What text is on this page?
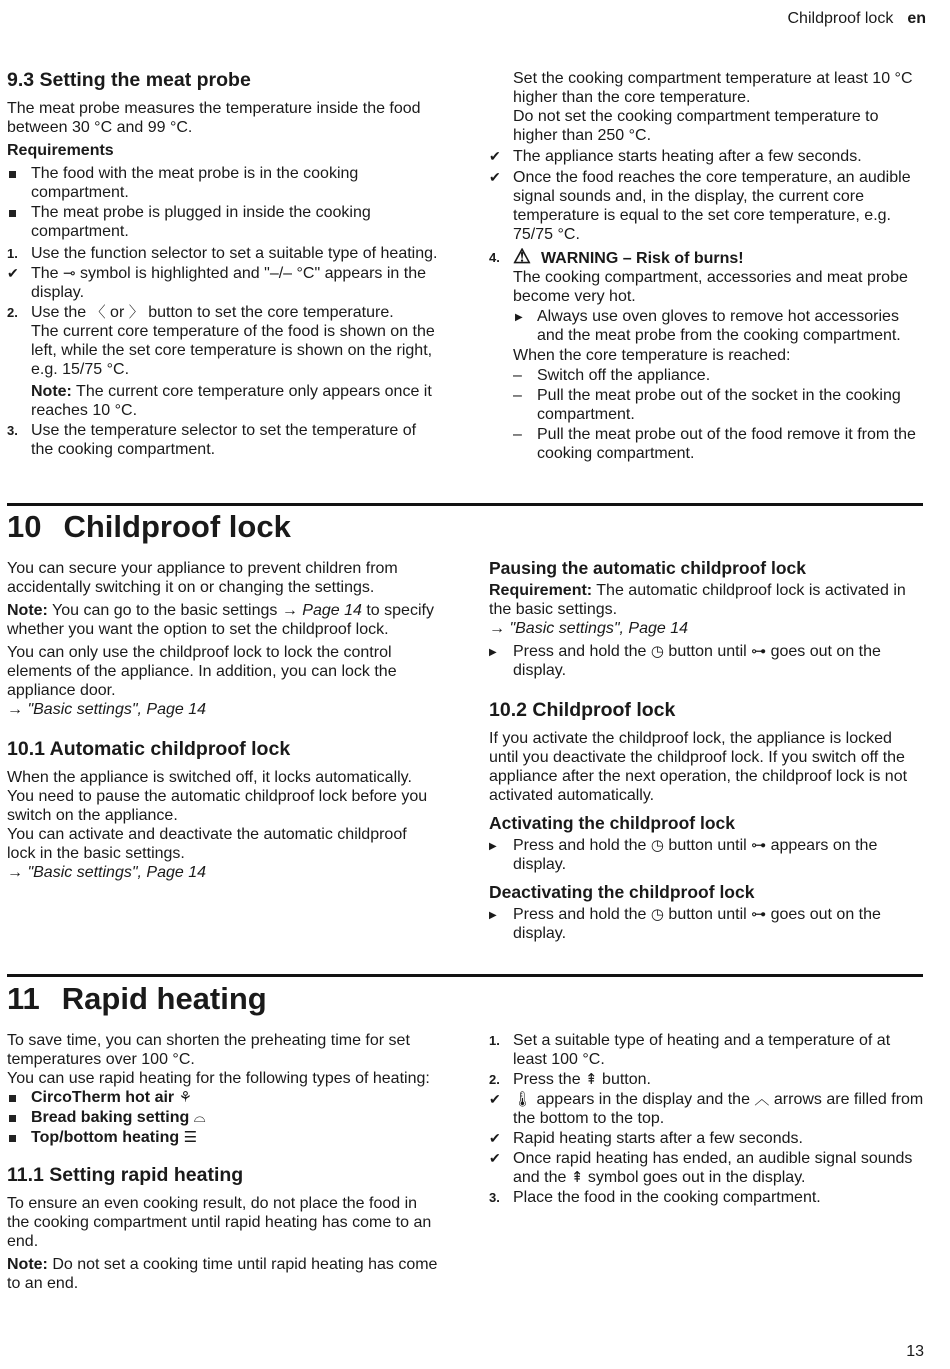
Childproof lock en
9.3 Setting the meat probe

The meat probe measures the temperature inside the food between 30 °C and 99 °C.

Requirements

The food with the meat probe is in the cooking compartment.
The meat probe is plugged in inside the cooking compartment.
1. Use the function selector to set a suitable type of heating.
✔ The ⊸ symbol is highlighted and "–/– °C" appears in the display.
2. Use the 〈 or 〉 button to set the core temperature.
The current core temperature of the food is shown on the left, while the set core temperature is shown on the right, e.g. 15/75 °C.
Note: The current core temperature only appears once it reaches 10 °C.
3. Use the temperature selector to set the temperature of the cooking compartment.
Set the cooking compartment temperature at least 10 °C higher than the core temperature.
Do not set the cooking compartment temperature to higher than 250 °C.
✔ The appliance starts heating after a few seconds.
✔ Once the food reaches the core temperature, an audible signal sounds and, in the display, the current core temperature is equal to the set core temperature, e.g. 75/75 °C.
4. ⚠ WARNING – Risk of burns!
The cooking compartment, accessories and meat probe become very hot.
▶ Always use oven gloves to remove hot accessories and the meat probe from the cooking compartment.
When the core temperature is reached:
– Switch off the appliance.
– Pull the meat probe out of the socket in the cooking compartment.
– Pull the meat probe out of the food remove it from the cooking compartment.
10 Childproof lock

You can secure your appliance to prevent children from accidentally switching it on or changing the settings.

Note: You can go to the basic settings → Page 14 to specify whether you want the option to set the childproof lock.

You can only use the childproof lock to lock the control elements of the appliance. In addition, you can lock the appliance door.

→ "Basic settings", Page 14

10.1 Automatic childproof lock

When the appliance is switched off, it locks automatically. You need to pause the automatic childproof lock before you switch on the appliance.

You can activate and deactivate the automatic childproof lock in the basic settings.

→ "Basic settings", Page 14

Pausing the automatic childproof lock

Requirement: The automatic childproof lock is activated in the basic settings.

→ "Basic settings", Page 14

▶	Press and hold the ◷ button until ⊶ goes out on the display.
10.2 Childproof lock

If you activate the childproof lock, the appliance is locked until you deactivate the childproof lock. If you switch off the appliance after the next operation, the childproof lock is not activated automatically.

Activating the childproof lock
▶	Press and hold the ◷ button until ⊶ appears on the display.
Deactivating the childproof lock
▶	Press and hold the ◷ button until ⊶ goes out on the display.
11 Rapid heating

To save time, you can shorten the preheating time for set temperatures over 100 °C.

You can use rapid heating for the following types of heating:

CircoTherm hot air ⚘
Bread baking setting ⌓
Top/bottom heating ☰
11.1 Setting rapid heating

To ensure an even cooking result, do not place the food in the cooking compartment until rapid heating has come to an end.

Note: Do not set a cooking time until rapid heating has come to an end.

1. Set a suitable type of heating and a temperature of at least 100 °C.
2. Press the ⇞ button.
✔ 🌡︎ appears in the display and the ︿ arrows are filled from the bottom to the top.
✔ Rapid heating starts after a few seconds.
✔ Once rapid heating has ended, an audible signal sounds and the ⇞ symbol goes out in the display.
3. Place the food in the cooking compartment.
13
